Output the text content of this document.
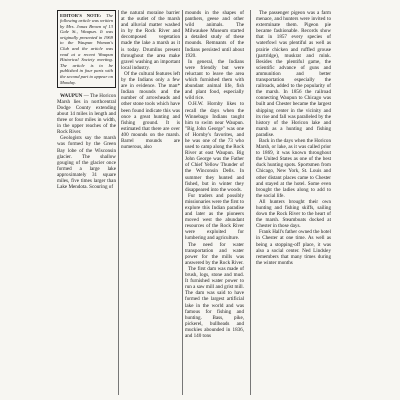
EDITOR'S NOTE: The following article was written by Mrs. Jonas Brown of 13 Gale St., Waupun. It was originally presented in 1969 to the Waupun Woman's Club and the article was read at a recent Waupun Historical Society meeting. The article is to be published in four parts with the second part to appear on Monday.

WAUPUN — The Horicon Marsh lies in northcentral Dodge County extending about 14 miles in length and three or four miles in width, in the upper reaches of the Rock River.

Geologists say the marsh was formed by the Green Bay lobe of the Wisconsin glacier. The shallow gouging of the glacier once formed a large lake approximately 31 square miles, five times larger than Lake Mendota. Scouring of

the natural moraine barrier at the outlet of the marsh and alluvial matter washed in by the Rock River and decomposed vegetation made the lake a marsh as it is today. Drumlins present throughout the area make gravel washing an important local industry.

Of the cultural features left by the Indians only a few are in evidence. The man* Indian mounds and the number of arrowheads and other stone tools which have been found indicate this was once a great hunting and fishing ground. It is estimated that there are over 400 mounds on the marsh. Barrel mounds are numerous, also

mounds in the shapes of panthers, geese and other wild animals. The Milwaukee Museum started a detailed study of these mounds. Remnants of the Indians persisted until about 1920.

In general, the Indians were friendly but were reluctant to leave the area which furnished them with abundant animal life, fish and plant food, especially wild rice.

O.H.W. Hornby likes to recall the days when the Winnebago Indians taught him to swim near Waupun. "Big John George" was one of Hornby's favorites, and he was one of the 73 who used to camp along the Rock River at east Waupun. Big John George was the Father of Chief Yellow Thunder of the Winconsin Dells. In summer they hunted and fished, but in winter they disappeared into the woods.

Fur traders and possibly missionaries were the first to explore this Indian paradise and later as the pioneers moved west the abundant resources of the Rock River were exploited for lumbering and agriculture.

The need for water transportation and water power for the mills was answered by the Rock River.

The first dam was made of brush, logs, stone and mud. It furnished water power to run a saw mill and grist mill. The dam was said to have formed the largest artificial lake in the world and was famous for fishing and hunting. Bass, pike, pickerel, bullheads and muckies abounded in 1836, and 140 tons

The passenger pigeon was a farm menace, and hunters were invited to exterminate them. Pigeon pie became fashionable. Records show that in 1857 every species of waterfowl was plentiful as well as prairie chicken and ruffled grouse (partridge), muskrat and mink. Besides the plentiful game, the scientific advance of guns and ammunition and better transportation especially the railroads, added to the popularity of the marsh. In 1856 the railroad connecting Waupun to Chicago was built and Chester became the largest shipping center in the vicinity and its rise and fall was paralleled by the history of the Horicon lake and marsh as a hunting and fishing paradise.

Back in the days when the Horicon Marsh, or lake, as it was called prior to 1869, it was known throughout the United States as one of the best duck hunting spots. Sportsmen from Chicago, New York, St. Louis and other distant places came to Chester and stayed at the hotel. Some even brought the ladies along to add to the social life.

All hunters brought their own hunting and fishing skiffs, sailing down the Rock River to the heart of the marsh. Steamboats docked at Chester in those days.

Frank Hall's father owned the hotel in Chester at one time. As well as being a stopping-off place, it was also a social center. Ned Lindsley remembers that many times during the winter months
